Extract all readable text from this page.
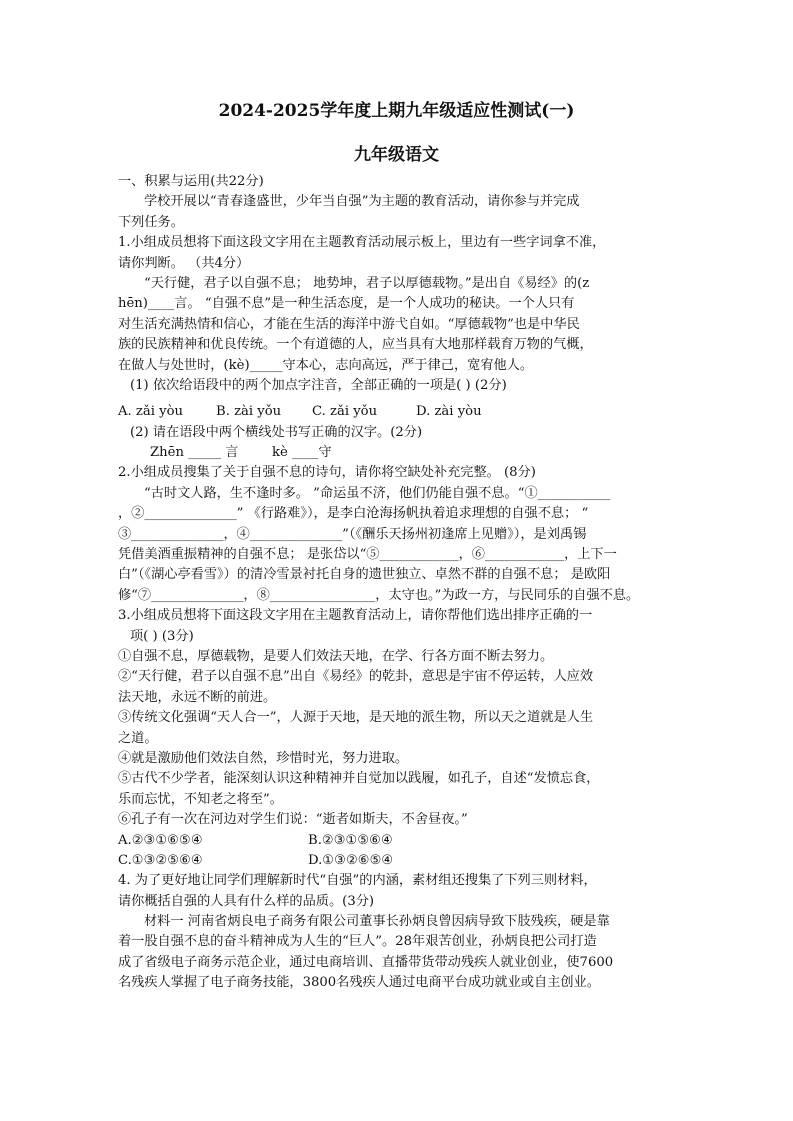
2024-2025学年度上期九年级适应性测试(一)
九年级语文
一、积累与运用(共22分)
学校开展以“青春逢盛世，少年当自强”为主题的教育活动，请你参与并完成
下列任务。
1.小组成员想将下面这段文字用在主题教育活动展示板上，里边有一些字词拿不准，
请你判断。 （共4分）
“天行健，君子以自强不息； 地势坤，君子以厚德载物。”是出自《易经》的(z
hēn)____言。 “自强不息”是一种生活态度，是一个人成功的秘诀。一个人只有
对生活充满热情和信心，才能在生活的海洋中游弋自如。“厚德载物”也是中华民
族的民族精神和优良传统。一个有道德的人，应当具有大地那样载育万物的气概，
在做人与处世时，(kè)_____守本心，志向高远，严于律己，宽宥他人。
(1) 依次给语段中的两个加点字注音，全部正确的一项是( ) (2分)
A. zǎi yòu	B. zài yǒu	C. zǎi yǒu	D. zài yòu
(2) 请在语段中两个横线处书写正确的汉字。(2分)
Zhēn _____ 言        kè ____守
2.小组成员搜集了关于自强不息的诗句，请你将空缺处补充完整。 (8分)
“古时文人路，生不逢时多。 ”命运虽不济，他们仍能自强不息。“①___________
，②______________” 《行路难》），是李白沧海扬帆执着追求理想的自强不息； “
③______________，④______________”（《酬乐天扬州初逢席上见赠》），是刘禹锡
凭借美酒重振精神的自强不息； 是张岱以“⑤____________，⑥____________，上下一
白”（《湖心亭看雪》）的清冷雪景衬托自身的遗世独立、卓然不群的自强不息； 是欧阳
修“⑦______________，⑧________________，太守也。”为政一方，与民同乐的自强不息。
3.小组成员想将下面这段文字用在主题教育活动上，请你帮他们选出排序正确的一
项( ) (3分)
①自强不息，厚德载物，是要人们效法天地，在学、行各方面不断去努力。
②“天行健，君子以自强不息”出自《易经》的乾卦，意思是宇宙不停运转，人应效
法天地，永远不断的前进。
③传统文化强调“天人合一”，人源于天地，是天地的派生物，所以天之道就是人生
之道。
④就是激励他们效法自然，珍惜时光，努力进取。
⑤古代不少学者，能深刻认识这种精神并自觉加以践履，如孔子，自述“发愤忘食，
乐而忘忧，不知老之将至”。
⑥孔子有一次在河边对学生们说：“逝者如斯夫，不舍昼夜。”
A.②③①⑥⑤④	B.②③①⑤⑥④
C.①③②⑤⑥④	D.①③②⑥⑤④
4. 为了更好地让同学们理解新时代“自强”的内涵，素材组还搜集了下列三则材料，
请你概括自强的人具有什么样的品质。(3分)
材料一 河南省炳良电子商务有限公司董事长孙炳良曾因病导致下肢残疾，硬是靠
着一股自强不息的奋斗精神成为人生的“巨人”。28年艰苦创业，孙炳良把公司打造
成了省级电子商务示范企业，通过电商培训、直播带货带动残疾人就业创业，使7600
名残疾人掌握了电子商务技能，3800名残疾人通过电商平台成功就业或自主创业。
